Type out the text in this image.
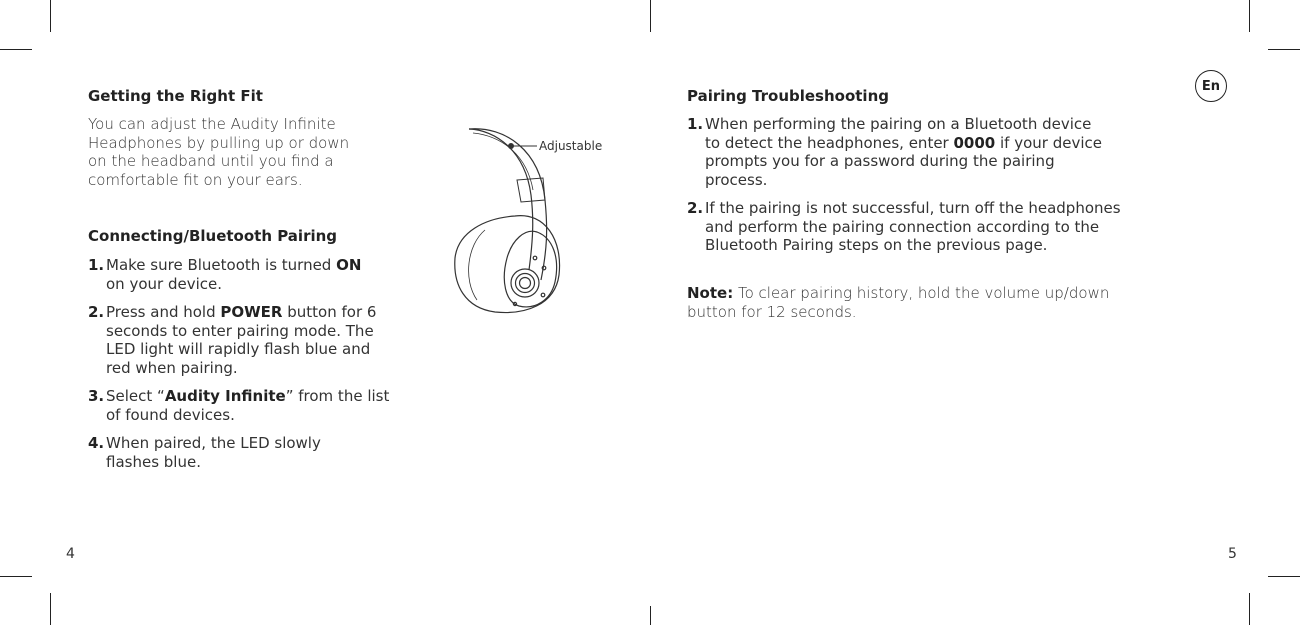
Getting the Right Fit

You can adjust the Audity Infinite
Headphones by pulling up or down
on the headband until you find a
comfortable fit on your ears.

Connecting/Bluetooth Pairing
1. Make sure Bluetooth is turned ON
on your device.
2. Press and hold POWER button for 6
seconds to enter pairing mode. The
LED light will rapidly flash blue and
red when pairing.
3. Select “Audity Infinite” from the list
of found devices.
4. When paired, the LED slowly
flashes blue.
Adjustable
4
En
Pairing Troubleshooting
1. When performing the pairing on a Bluetooth device
to detect the headphones, enter 0000 if your device
prompts you for a password during the pairing
process.
2. If the pairing is not successful, turn off the headphones
and perform the pairing connection according to the
Bluetooth Pairing steps on the previous page.

Note: To clear pairing history, hold the volume up/down
button for 12 seconds.

5
